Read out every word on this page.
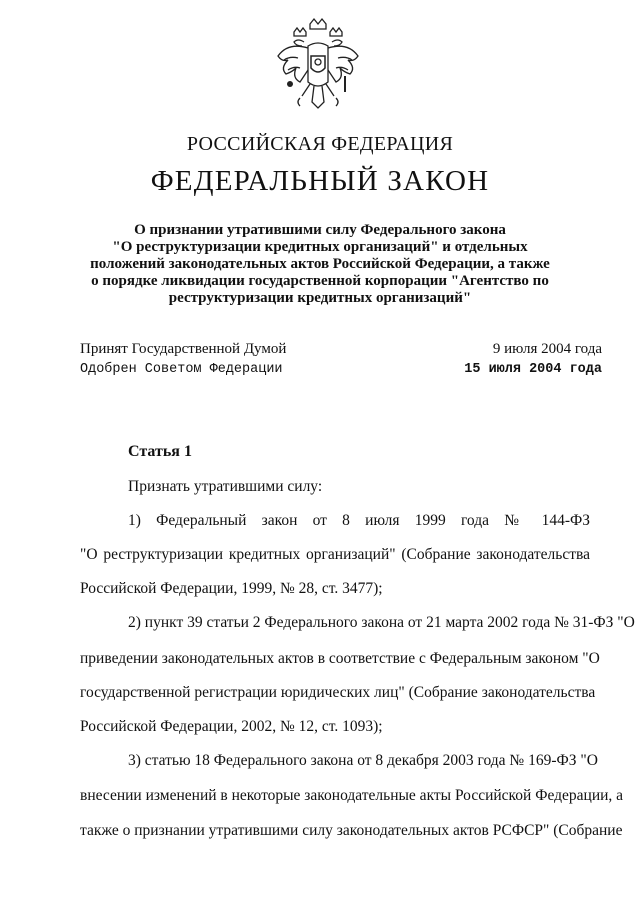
РОССИЙСКАЯ ФЕДЕРАЦИЯ
ФЕДЕРАЛЬНЫЙ ЗАКОН
О признании утратившими силу Федерального закона
"О реструктуризации кредитных организаций" и отдельных
положений законодательных актов Российской Федерации, а также
о порядке ликвидации государственной корпорации "Агентство по
реструктуризации кредитных организаций"
Принят Государственной Думой	9 июля 2004 года
Одобрен Советом Федерации	15 июля 2004 года
Статья 1
Признать утратившими силу:
1) Федеральный закон от 8 июля 1999 года № 144-ФЗ
"О реструктуризации кредитных организаций" (Собрание законодательства
Российской Федерации, 1999, № 28, ст. 3477);
2) пункт 39 статьи 2 Федерального закона от 21 марта 2002 года № 31-ФЗ "О
приведении законодательных актов в соответствие с Федеральным законом "О
государственной регистрации юридических лиц" (Собрание законодательства
Российской Федерации, 2002, № 12, ст. 1093);
3) статью 18 Федерального закона от 8 декабря 2003 года № 169-ФЗ "О
внесении изменений в некоторые законодательные акты Российской Федерации, а
также о признании утратившими силу законодательных актов РСФСР" (Собрание
